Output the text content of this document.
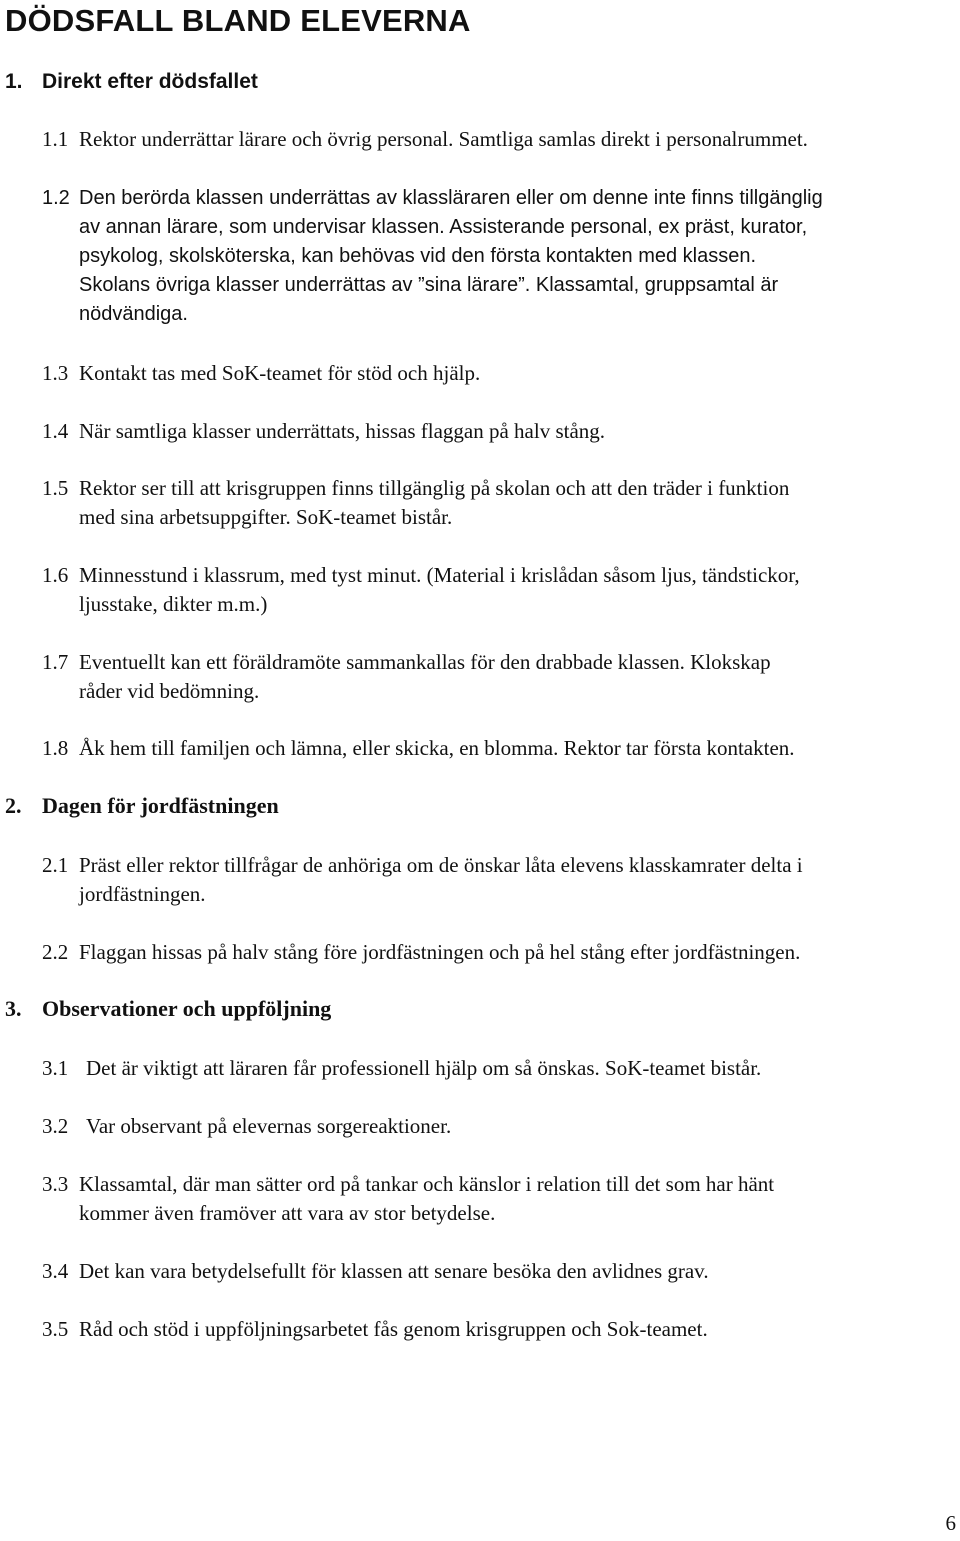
DÖDSFALL BLAND ELEVERNA
1. Direkt efter dödsfallet

1.1 Rektor underrättar lärare och övrig personal. Samtliga samlas direkt i personalrummet.

1.2 Den berörda klassen underrättas av klassläraren eller om denne inte finns tillgänglig
av annan lärare, som undervisar klassen. Assisterande personal, ex präst, kurator,
psykolog, skolsköterska, kan behövas vid den första kontakten med klassen.
Skolans övriga klasser underrättas av ”sina lärare”. Klassamtal, gruppsamtal är
nödvändiga.

1.3 Kontakt tas med SoK-teamet för stöd och hjälp.

1.4 När samtliga klasser underrättats, hissas flaggan på halv stång.

1.5 Rektor ser till att krisgruppen finns tillgänglig på skolan och att den träder i funktion
med sina arbetsuppgifter. SoK-teamet bistår.

1.6 Minnesstund i klassrum, med tyst minut. (Material i krislådan såsom ljus, tändstickor,
ljusstake, dikter m.m.)

1.7 Eventuellt kan ett föräldramöte sammankallas för den drabbade klassen. Klokskap
råder vid bedömning.

1.8 Åk hem till familjen och lämna, eller skicka, en blomma. Rektor tar första kontakten.

2. Dagen för jordfästningen

2.1 Präst eller rektor tillfrågar de anhöriga om de önskar låta elevens klasskamrater delta i
jordfästningen.

2.2 Flaggan hissas på halv stång före jordfästningen och på hel stång efter jordfästningen.

3. Observationer och uppföljning

3.1 Det är viktigt att läraren får professionell hjälp om så önskas. SoK-teamet bistår.

3.2 Var observant på elevernas sorgereaktioner.

3.3 Klassamtal, där man sätter ord på tankar och känslor i relation till det som har hänt
kommer även framöver att vara av stor betydelse.

3.4 Det kan vara betydelsefullt för klassen att senare besöka den avlidnes grav.

3.5 Råd och stöd i uppföljningsarbetet fås genom krisgruppen och Sok-teamet.

6
